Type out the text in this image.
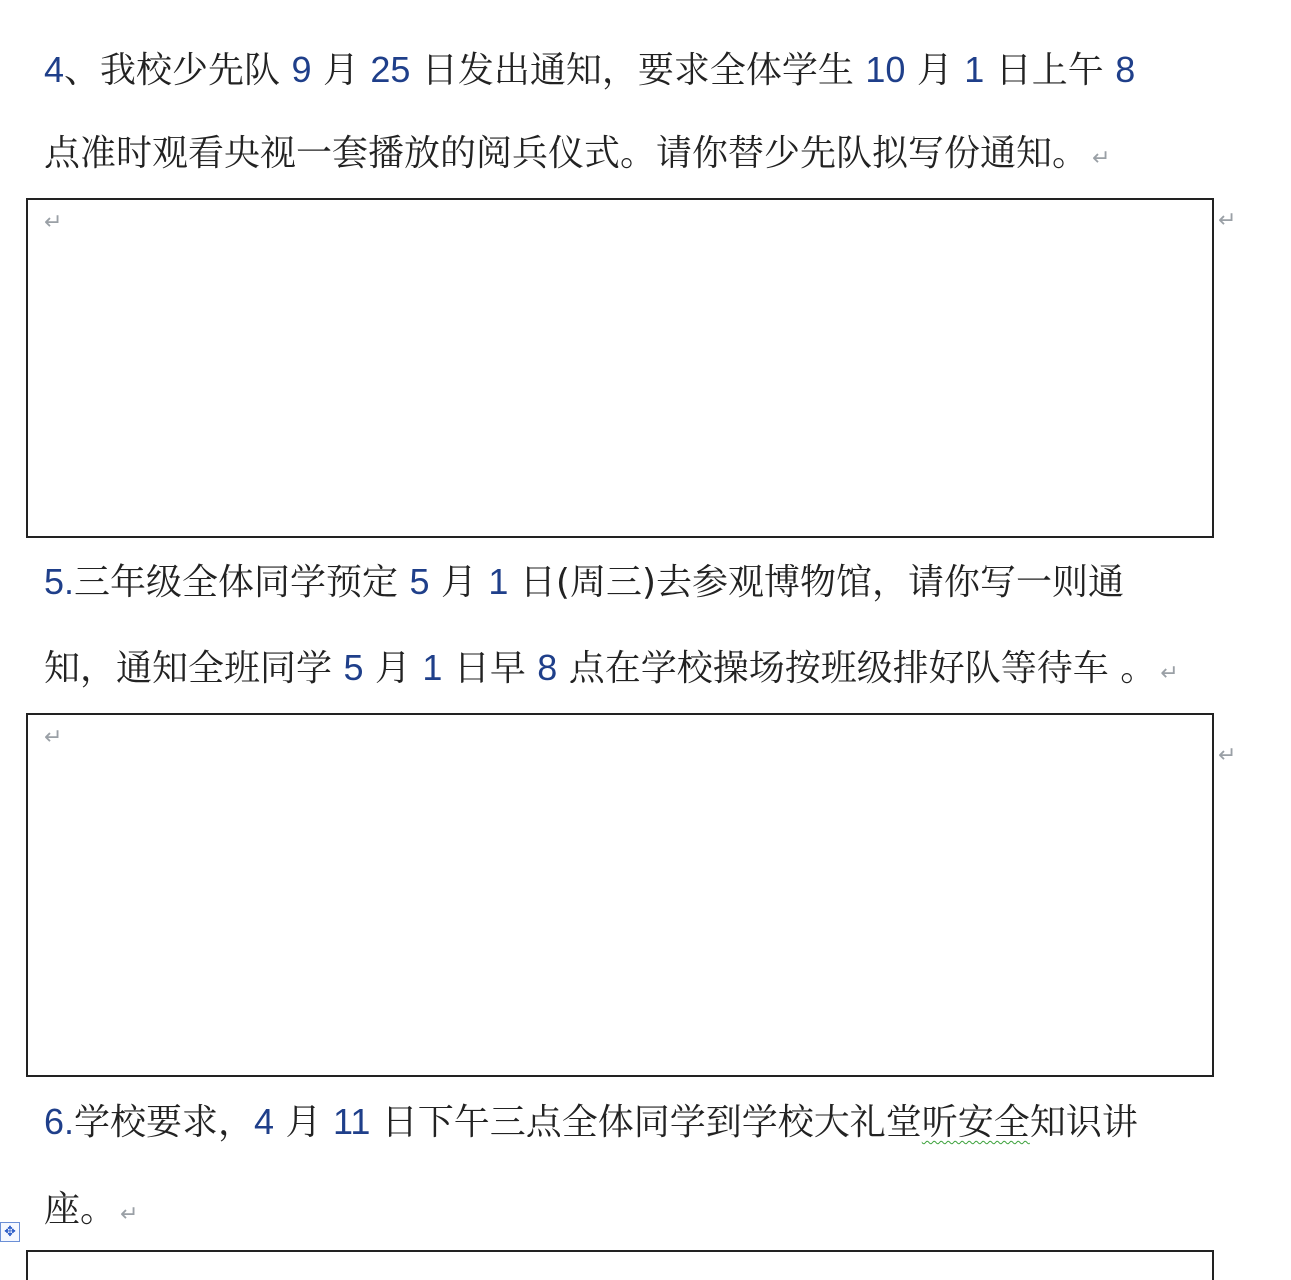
4、我校少先队 9 月 25 日发出通知，要求全体学生 10 月 1 日上午 8
点准时观看央视一套播放的阅兵仪式。请你替少先队拟写份通知。 ↵
↵	↵
5.三年级全体同学预定 5 月 1 日(周三)去参观博物馆，请你写一则通
知，通知全班同学 5 月 1 日早 8 点在学校操场按班级排好队等待车 。 ↵
↵
↵
6.学校要求，4 月 11 日下午三点全体同学到学校大礼堂听安全知识讲
座。 ↵
✥
